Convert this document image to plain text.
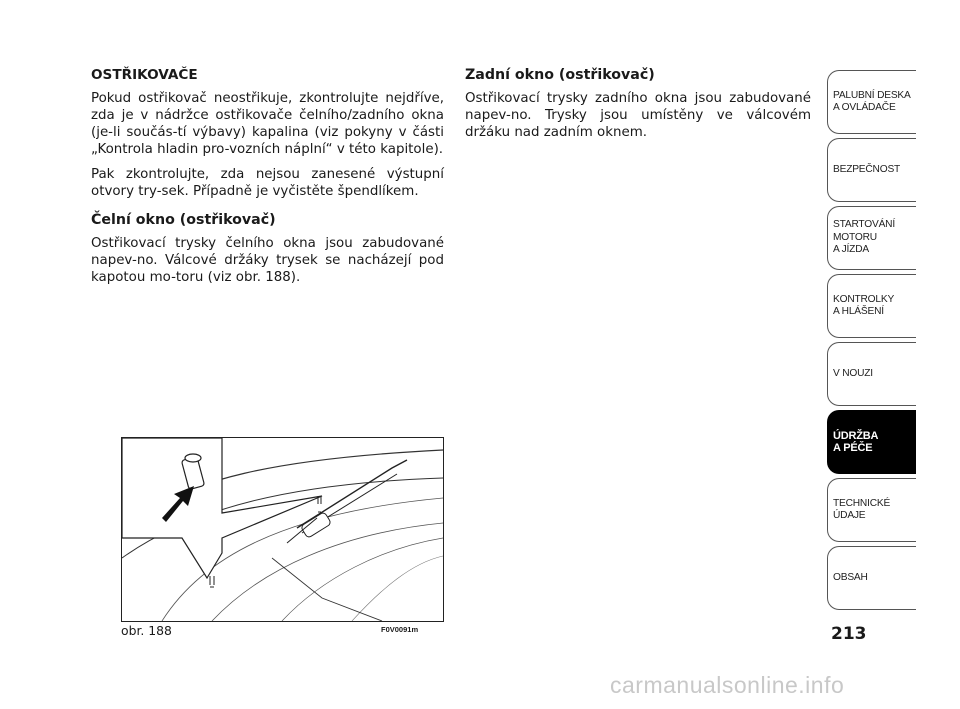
OSTŘIKOVAČE
Pokud ostřikovač neostřikuje, zkontrolujte nejdříve, zda je v nádržce ostřikovače čelního/zadního okna (je-li součás-tí výbavy) kapalina (viz pokyny v části „Kontrola hladin pro-vozních náplní“ v této kapitole).
Pak zkontrolujte, zda nejsou zanesené výstupní otvory try-sek. Případně je vyčistěte špendlíkem.
Čelní okno (ostřikovač)
Ostřikovací trysky čelního okna jsou zabudované napev-no. Válcové držáky trysek se nacházejí pod kapotou mo-toru (viz obr. 188).
Zadní okno (ostřikovač)
Ostřikovací trysky zadního okna jsou zabudované napev-no. Trysky jsou umístěny ve válcovém držáku nad zadním oknem.
obr. 188	F0V0091m
PALUBNÍ DESKA
A OVLÁDAČE
BEZPEČNOST
STARTOVÁNÍ
MOTORU
A JÍZDA
KONTROLKY
A HLÁŠENÍ
V NOUZI
ÚDRŽBA
A PÉČE
TECHNICKÉ
ÚDAJE
OBSAH
213
carmanualsonline.info
